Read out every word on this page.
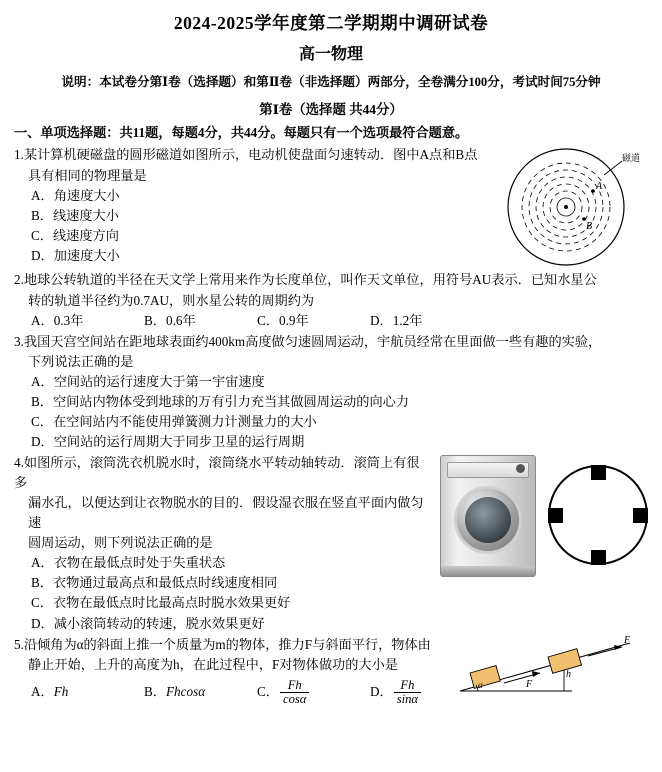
2024-2025学年度第二学期期中调研试卷
高一物理
说明：本试卷分第Ⅰ卷（选择题）和第Ⅱ卷（非选择题）两部分，全卷满分100分，考试时间75分钟
第Ⅰ卷（选择题 共44分）
一、单项选择题：共11题，每题4分，共44分。每题只有一个选项最符合题意。
磁道
A
B
1.某计算机硬磁盘的圆形磁道如图所示，电动机使盘面匀速转动．图中A点和B点
具有相同的物理量是
A．角速度大小
B．线速度大小
C．线速度方向
D．加速度大小
2.地球公转轨道的半径在天文学上常用来作为长度单位，叫作天文单位，用符号AU表示．已知水星公
转的轨道半径约为0.7AU，则水星公转的周期约为
A．0.3年	B．0.6年	C．0.9年	D．1.2年
3.我国天宫空间站在距地球表面约400km高度做匀速圆周运动，宇航员经常在里面做一些有趣的实验，
下列说法正确的是
A．空间站的运行速度大于第一宇宙速度
B．空间站内物体受到地球的万有引力充当其做圆周运动的向心力
C．在空间站内不能使用弹簧测力计测量力的大小
D．空间站的运行周期大于同步卫星的运行周期
4.如图所示，滚筒洗衣机脱水时，滚筒绕水平转动轴转动．滚筒上有很多
漏水孔，以便达到让衣物脱水的目的．假设湿衣服在竖直平面内做匀速
圆周运动，则下列说法正确的是
A．衣物在最低点时处于失重状态
B．衣物通过最高点和最低点时线速度相同
C．衣物在最低点时比最高点时脱水效果更好
D．减小滚筒转动的转速，脱水效果更好
F
F
h
α
5.沿倾角为α的斜面上推一个质量为m的物体，推力F与斜面平行，物体由
静止开始，上升的高度为h，在此过程中，F对物体做功的大小是
A．Fh	B．Fhcosα	C． $\frac{Fh}{\cos\alpha}$	D． $\frac{Fh}{\sin\alpha}$
